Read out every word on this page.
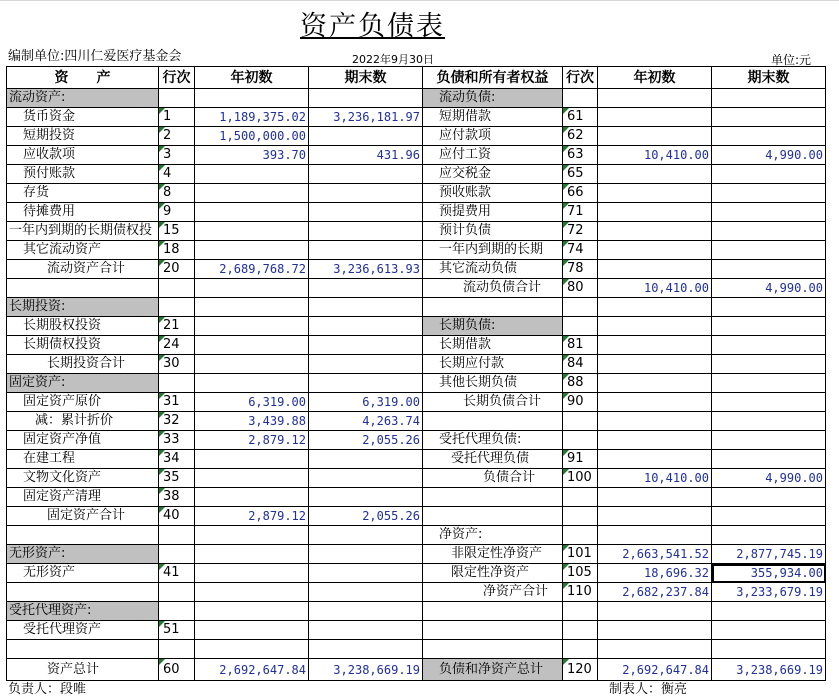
资产负债表
编制单位:四川仁爱医疗基金会	2022年9月30日	单位:元
资　　产	行次	年初数	期末数	负债和所有者权益	行次	年初数	期末数
流动资产:				流动负债:			
货币资金	1	1,189,375.02	3,236,181.97	短期借款	61		
短期投资	2	1,500,000.00		应付款项	62		
应收款项	3	393.70	431.96	应付工资	63	10,410.00	4,990.00
预付账款	4			应交税金	65		
存货	8			预收账款	66		
待摊费用	9			预提费用	71		
一年内到期的长期债权投	15			预计负债	72		
其它流动资产	18			一年内到期的长期	74		
流动资产合计	20	2,689,768.72	3,236,613.93	其它流动负债	78		
				流动负债合计	80	10,410.00	4,990.00
长期投资:							
长期股权投资	21			长期负债:			
长期债权投资	24			长期借款	81		
长期投资合计	30			长期应付款	84		
固定资产:				其他长期负债	88		
固定资产原价	31	6,319.00	6,319.00	长期负债合计	90		
减：累计折价	32	3,439.88	4,263.74				
固定资产净值	33	2,879.12	2,055.26	受托代理负债:			
在建工程	34			受托代理负债	91		
文物文化资产	35			负债合计	100	10,410.00	4,990.00
固定资产清理	38						
固定资产合计	40	2,879.12	2,055.26				
				净资产:			
无形资产:				非限定性净资产	101	2,663,541.52	2,877,745.19
无形资产	41			限定性净资产	105	18,696.32	355,934.00
				净资产合计	110	2,682,237.84	3,233,679.19
受托代理资产:							
受托代理资产	51						

资产总计	60	2,692,647.84	3,238,669.19	负债和净资产总计	120	2,692,647.84	3,238,669.19
负责人：段唯	制表人：衡亮
